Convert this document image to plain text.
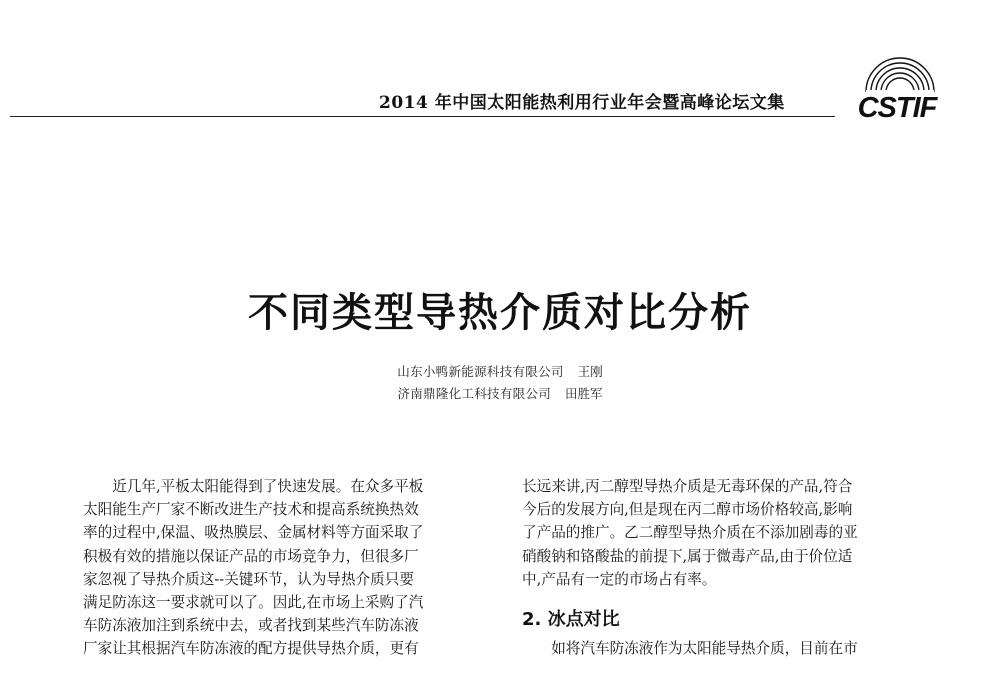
2014 年中国太阳能热利用行业年会暨高峰论坛文集	CSTIF
不同类型导热介质对比分析
山东小鸭新能源科技有限公司 王刚
济南鼎隆化工科技有限公司 田胜军
近几年,平板太阳能得到了快速发展。在众多平板
太阳能生产厂家不断改进生产技术和提高系统换热效
率的过程中,保温、吸热膜层、金属材料等方面采取了
积极有效的措施以保证产品的市场竞争力，但很多厂
家忽视了导热介质这--关键环节，认为导热介质只要
满足防冻这一要求就可以了。因此,在市场上采购了汽
车防冻液加注到系统中去，或者找到某些汽车防冻液
厂家让其根据汽车防冻液的配方提供导热介质，更有
长远来讲,丙二醇型导热介质是无毒环保的产品,符合
今后的发展方向,但是现在丙二醇市场价格较高,影响
了产品的推广。乙二醇型导热介质在不添加剧毒的亚
硝酸钠和铬酸盐的前提下,属于微毒产品,由于价位适
中,产品有一定的市场占有率。
2. 冰点对比
如将汽车防冻液作为太阳能导热介质，目前在市
